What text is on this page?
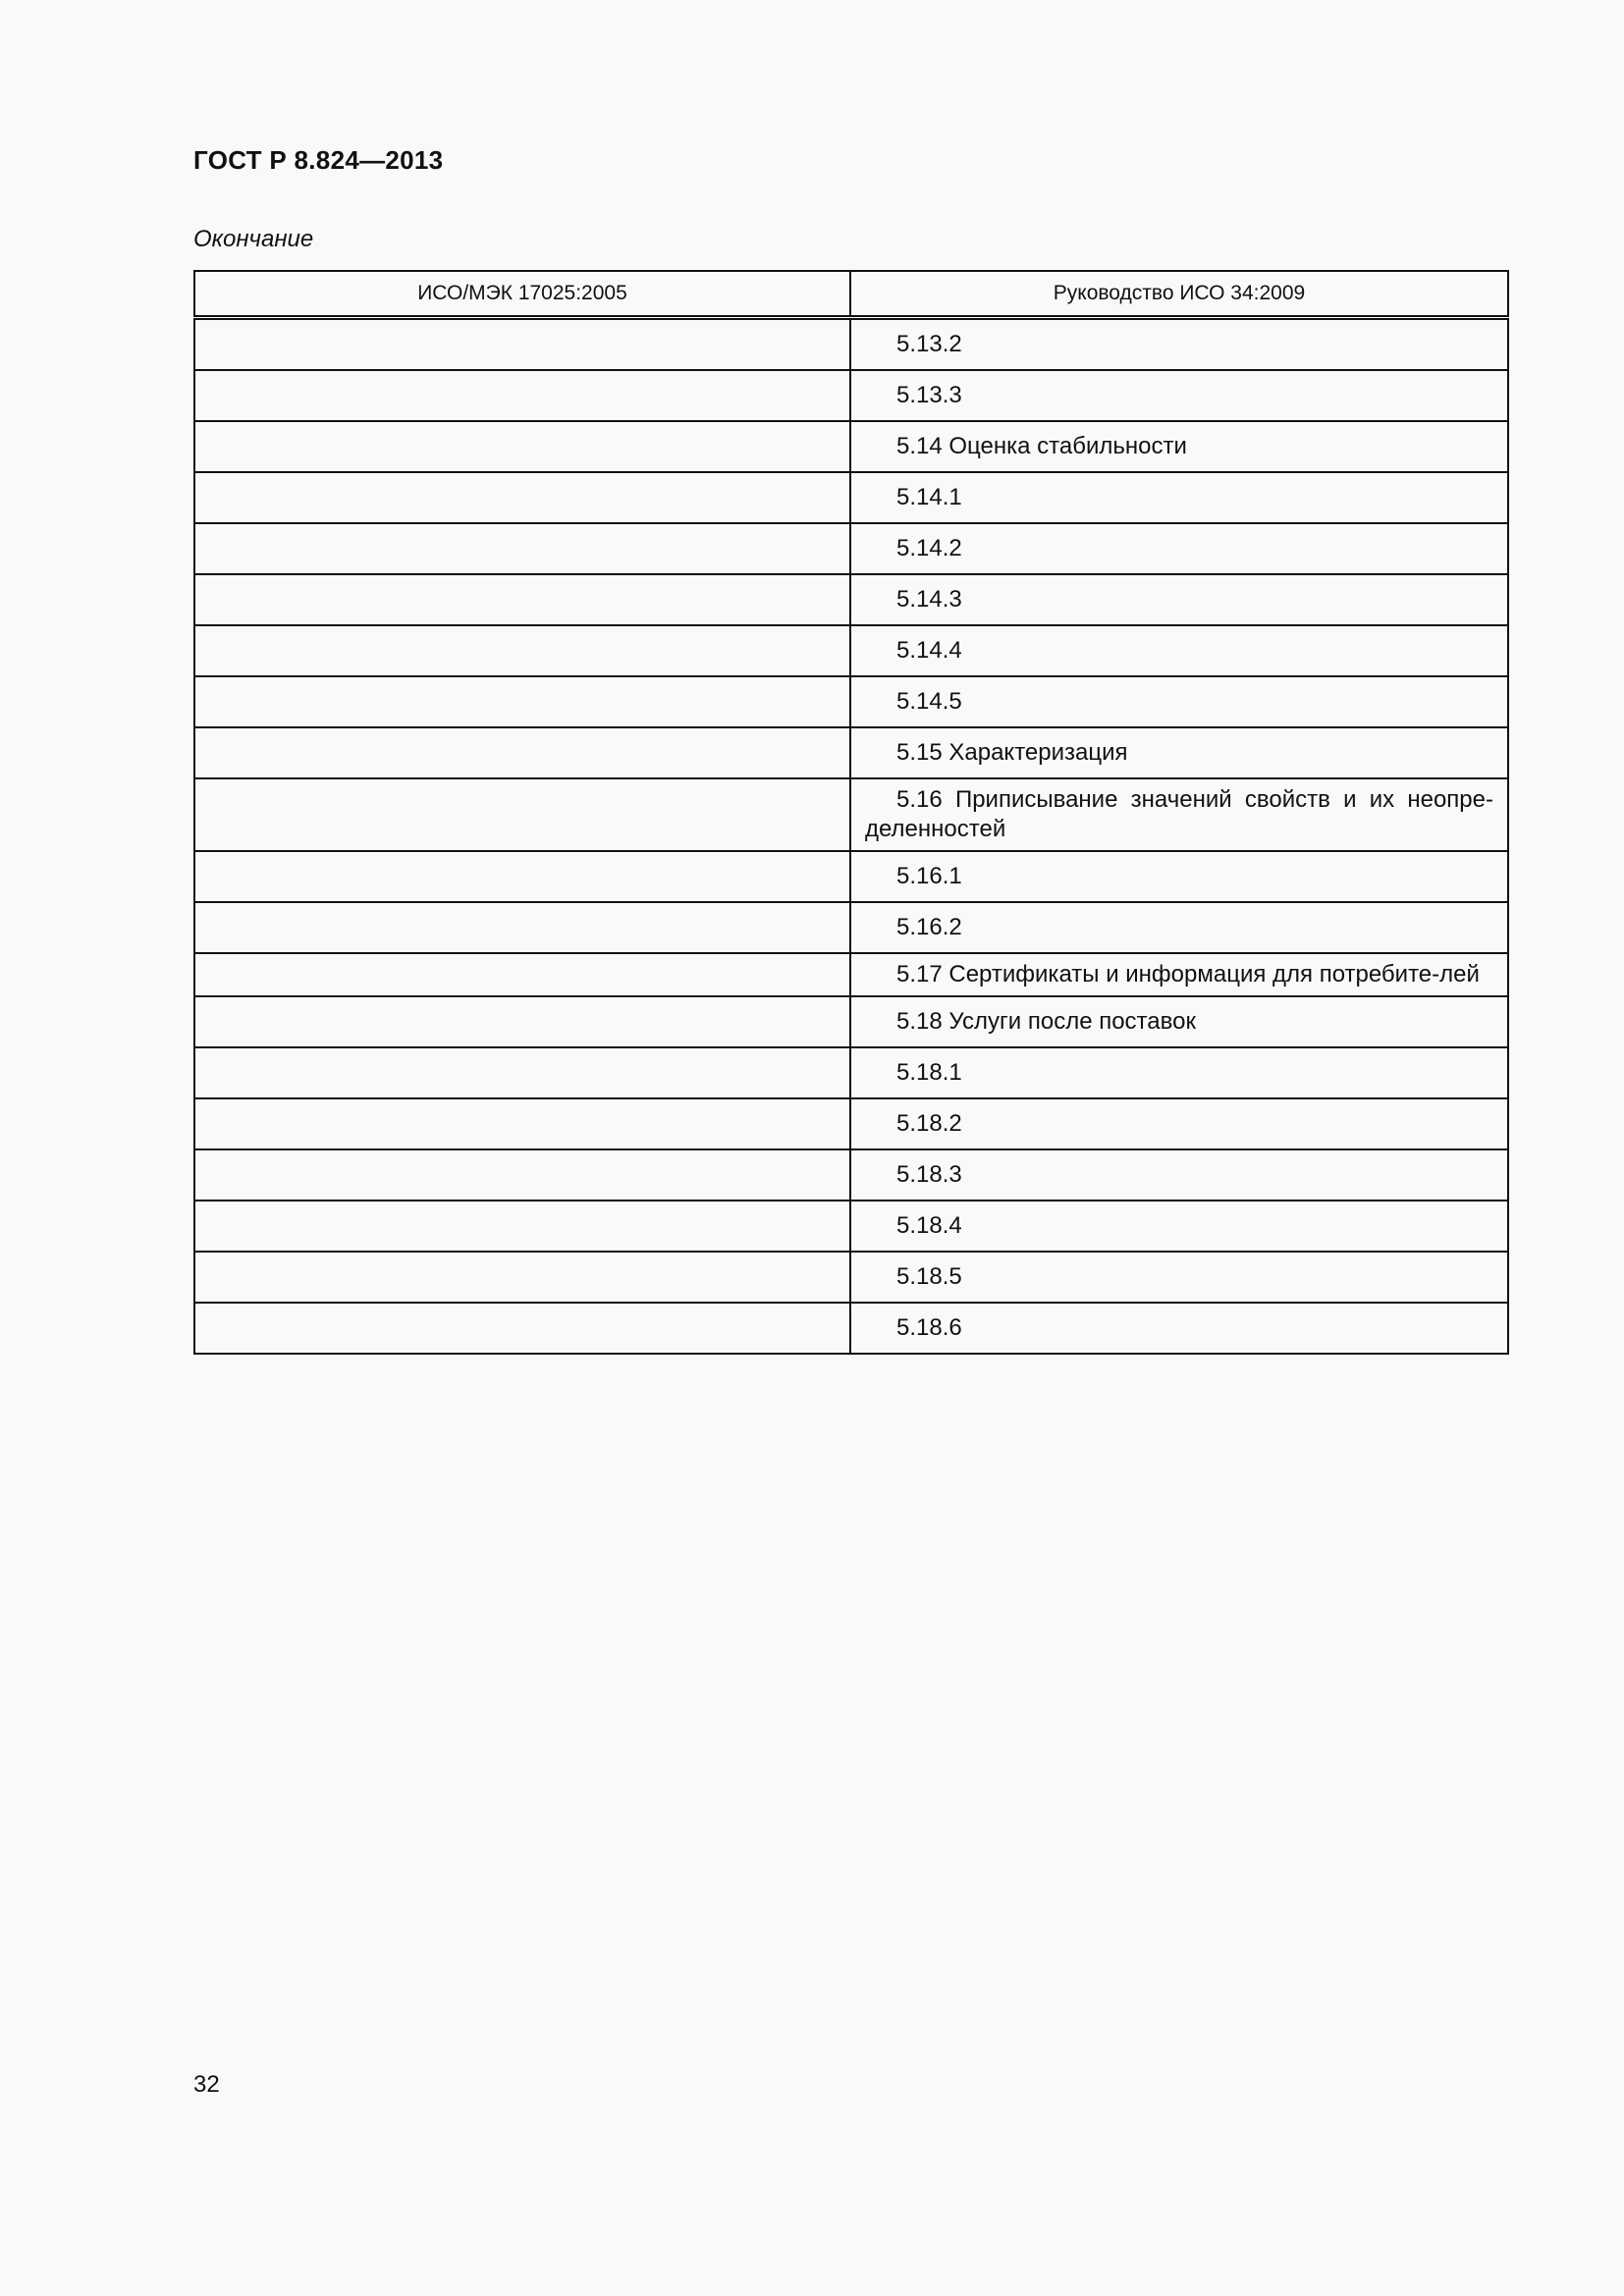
ГОСТ Р 8.824—2013
Окончание
ИСО/МЭК 17025:2005	Руководство ИСО 34:2009

	5.13.2

	5.13.3

	5.14 Оценка стабильности

	5.14.1

	5.14.2

	5.14.3

	5.14.4

	5.14.5

	5.15 Характеризация

	5.16 Приписывание значений свойств и их неопре-деленностей

	5.16.1

	5.16.2

	5.17 Сертификаты и информация для потребите-лей

	5.18 Услуги после поставок

	5.18.1

	5.18.2

	5.18.3

	5.18.4

	5.18.5

	5.18.6
32
